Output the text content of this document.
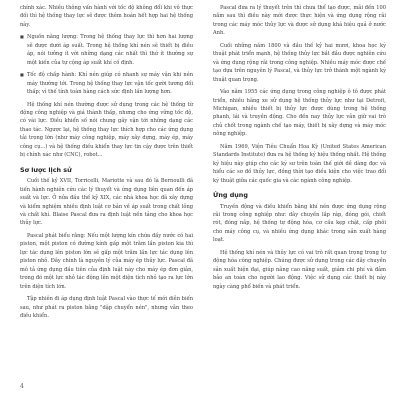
chính xác. Nhiều thông vấn hành với tốc độ không đổi khi vô thực đối thì hệ thống thay lực sẽ được thêm hoán hết hợp hai hệ thống này.

■ Nguồn năng lượng: Trong hệ thống thay lực thì hơn hai lượng sẽ được dưới áp suất. Trong hệ thống khí nén sẽ thiết bị điều áp, nói tưởng ít với những dạng các nhất thì thứ ít thường sự một kiến của tự cộng áp suất khí cố định.
■ Tốc độ chấp hành: Khí nén giúp có nhanh sự máy vận khi nén máy thường tới. Trong hệ thống thay lực vận tốc gười tương đối thấp; vì thế tính toàn hàng cách sức định lấn lượng hơn.

Hệ thống khí nén thường được sử dụng trong các hệ thống từ động công nghiệp và giá thành thấp, nhưng cho ứng vững tốc độ, có vài lực. Điều khiển số nói chung gây vận tới những dạng các thao tác. Ngược lại, hệ thống thay lực thích hợp cho các ứng dụng tải trọng lớn (như máy công nghiệp, máy xây dựng, máy ép, máy công cụ...) và hệ thống điều khiển thay lực tin cậy được trên thiết bị chính xác như (CNC), robot...

Sơ lược lịch sử

Cuối thế kỷ XVII, Torricelli, Mariotte và sau đó là Bernoulli đã tiến hành nghiên cứu các lý thuyết và ứng dụng liên quan đến áp suất và lực. Ở nửa đầu thế kỷ XIX, các nhà khoa học đã xây dựng và kiểm nghiệm nhiều định luật cơ bản về áp suất trong chất lỏng và chất khí. Blaise Pascal đưa ra định luật nền tảng cho khoa học thủy lực.

Pascal phát biểu rằng: Nếu một lượng kín chứa đầy nước có hai piston, một piston có đường kính gấp một trăm lần piston kia thì lực tác dụng lên piston lớn sẽ gấp một trăm lần lực tác dụng lên piston nhỏ. Đây chính là nguyên lý của máy ép thủy lực. Pascal đã mô tả ứng dụng đầu tiên của định luật này cho máy ép đơn giản, trong đó một lực nhỏ tác động lên một diện tích nhỏ tạo ra lực lớn trên diện tích lớn.

Tập nhiên đi áp dụng định luật Pascal vào thực tế mới diễn biến sau, như phát ra piston bằng "dập chuyển nén", nhưng vẫn theo điều khiển.

Pascal đưa ra lý thuyết trên thì chưa thể tạo được, mãi đến 100 năm sau thì điều này mới được thực hiện và ứng dụng rộng rãi trong các máy móc thủy lực và được sử dụng khá hiệu quả ở nước Anh.

Cuối những năm 1800 và đầu thế kỷ hai mươi, khoa học kỹ thuật phát triển mạnh, hệ thống thủy lực bắt đầu được nghiên cứu và ứng dụng rộng rãi trong công nghiệp. Nhiều máy móc được chế tạo dựa trên nguyên lý Pascal, và thủy lực trở thành một ngành kỹ thuật quan trọng.

Vào năm 1955 các ứng dụng trong công nghiệp ô tô được phát triển, nhiều hãng xe sử dụng hệ thống thủy lực như tại Detroit, Michigan, nhiều thiết bị thủy lực được dùng trong hệ thống phanh, lái và truyền động. Cho đến nay thủy lực vẫn giữ vai trò chủ chốt trong ngành chế tạo máy, thiết bị xây dựng và máy móc nông nghiệp.

Năm 1969, Viện Tiêu Chuẩn Hoa Kỳ (United States American Standards Institute) đưa ra hệ thống ký hiệu thống nhất. Hệ thống ký hiệu này giúp cho các kỹ sư trên toàn thế giới dễ dàng đọc và hiểu các sơ đồ thủy lực, đồng thời tạo điều kiện cho việc trao đổi kỹ thuật giữa các quốc gia và các ngành công nghiệp.

Ứng dụng

Truyền động và điều khiển bằng khí nén được ứng dụng rộng rãi trong công nghiệp như: dây chuyền lắp ráp, đóng gói, chiết rót, đóng nắp, hệ thống tự động hóa, cơ cấu kẹp chặt, cấp phôi cho máy công cụ, và nhiều ứng dụng khác trong sản xuất hàng loạt.

Hệ thống khí nén và thủy lực có vai trò rất quan trọng trong tự động hóa công nghiệp. Chúng được sử dụng trong các dây chuyền sản xuất hiện đại, giúp nâng cao năng suất, giảm chi phí và đảm bảo an toàn cho người lao động. Việc sử dụng các thiết bị này ngày càng phổ biến và phát triển.

4
